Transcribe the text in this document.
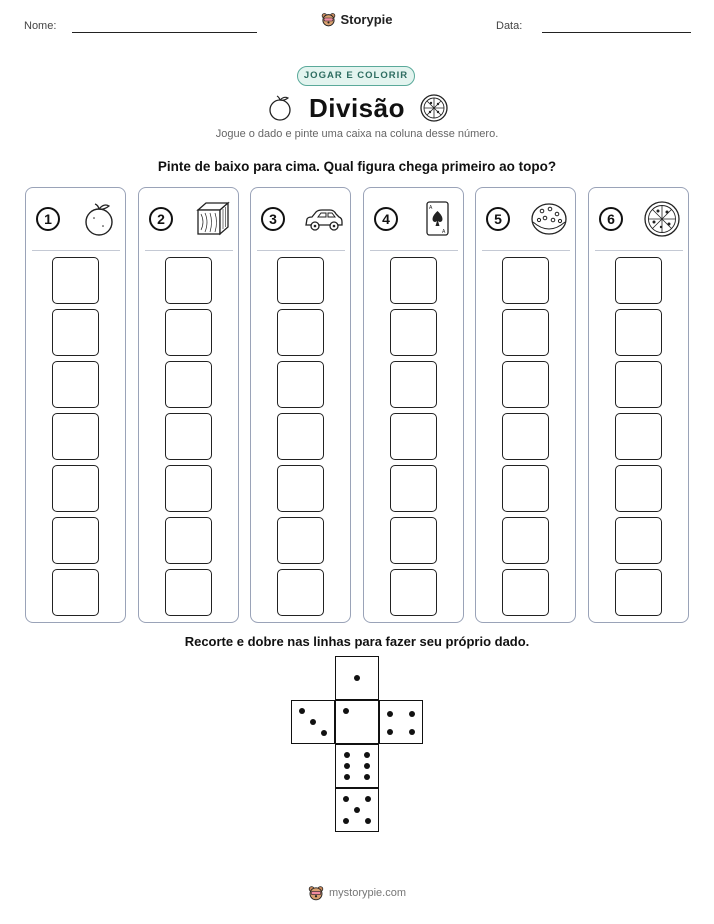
Nome:	Storypie	Data:
JOGAR E COLORIR
Divisão
Jogue o dado e pinte uma caixa na coluna desse número.
Pinte de baixo para cima. Qual figura chega primeiro ao topo?
1	2	3	4
A
A
5	6
Recorte e dobre nas linhas para fazer seu próprio dado.
mystorypie.com
